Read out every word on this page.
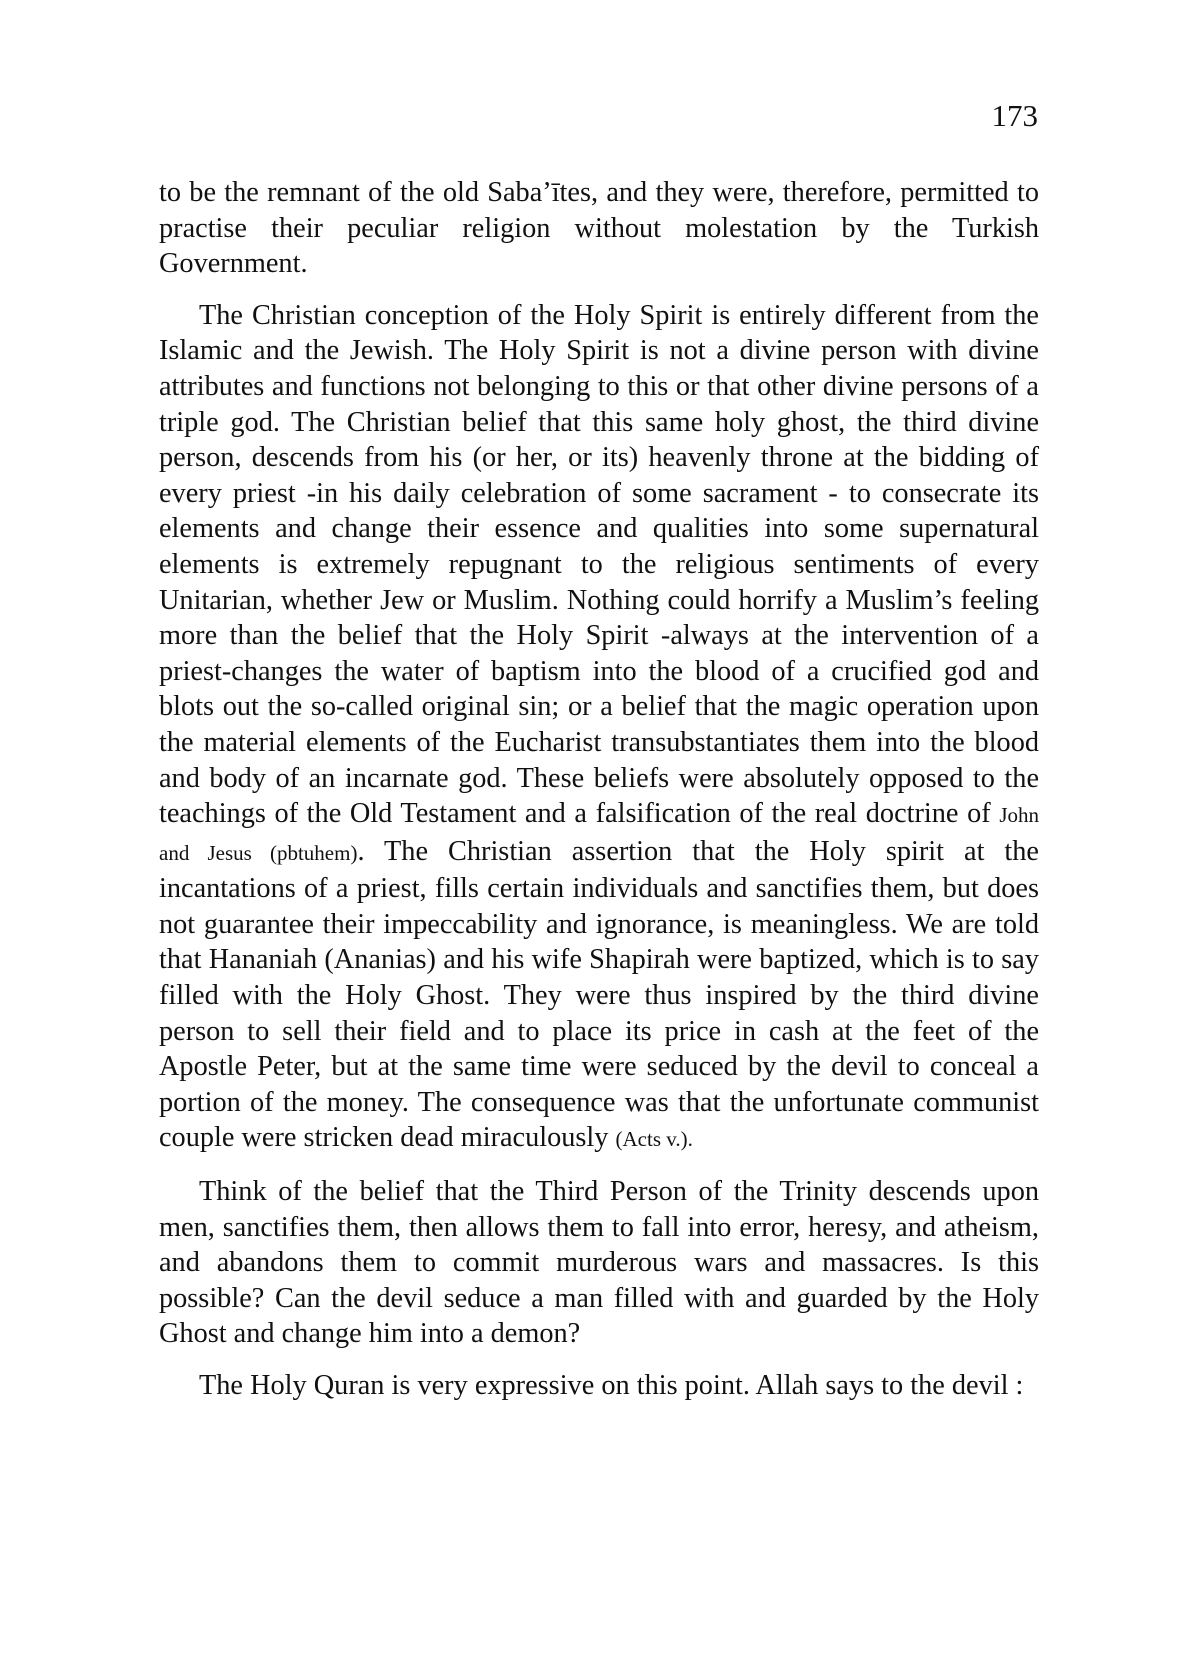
173

to be the remnant of the old Saba’ītes, and they were, therefore, permitted to practise their peculiar religion without molestation by the Turkish Government.

The Christian conception of the Holy Spirit is entirely different from the Islamic and the Jewish. The Holy Spirit is not a divine person with divine attributes and functions not belonging to this or that other divine persons of a triple god. The Christian belief that this same holy ghost, the third divine person, descends from his (or her, or its) heavenly throne at the bidding of every priest -in his daily celebration of some sacrament - to consecrate its elements and change their essence and qualities into some supernatural elements is extremely repugnant to the religious sentiments of every Unitarian, whether Jew or Muslim. Nothing could horrify a Muslim’s feeling more than the belief that the Holy Spirit -always at the intervention of a priest-changes the water of baptism into the blood of a crucified god and blots out the so-called original sin; or a belief that the magic operation upon the material elements of the Eucharist transubstantiates them into the blood and body of an incarnate god. These beliefs were absolutely opposed to the teachings of the Old Testament and a falsification of the real doctrine of John and Jesus (pbtuhem). The Christian assertion that the Holy spirit at the incantations of a priest, fills certain individuals and sanctifies them, but does not guarantee their impeccability and ignorance, is meaningless. We are told that Hananiah (Ananias) and his wife Shapirah were baptized, which is to say filled with the Holy Ghost. They were thus inspired by the third divine person to sell their field and to place its price in cash at the feet of the Apostle Peter, but at the same time were seduced by the devil to conceal a portion of the money. The consequence was that the unfortunate communist couple were stricken dead miraculously (Acts v.).

Think of the belief that the Third Person of the Trinity descends upon men, sanctifies them, then allows them to fall into error, heresy, and atheism, and abandons them to commit murderous wars and massacres. Is this possible? Can the devil seduce a man filled with and guarded by the Holy Ghost and change him into a demon?

The Holy Quran is very expressive on this point. Allah says to the devil :
